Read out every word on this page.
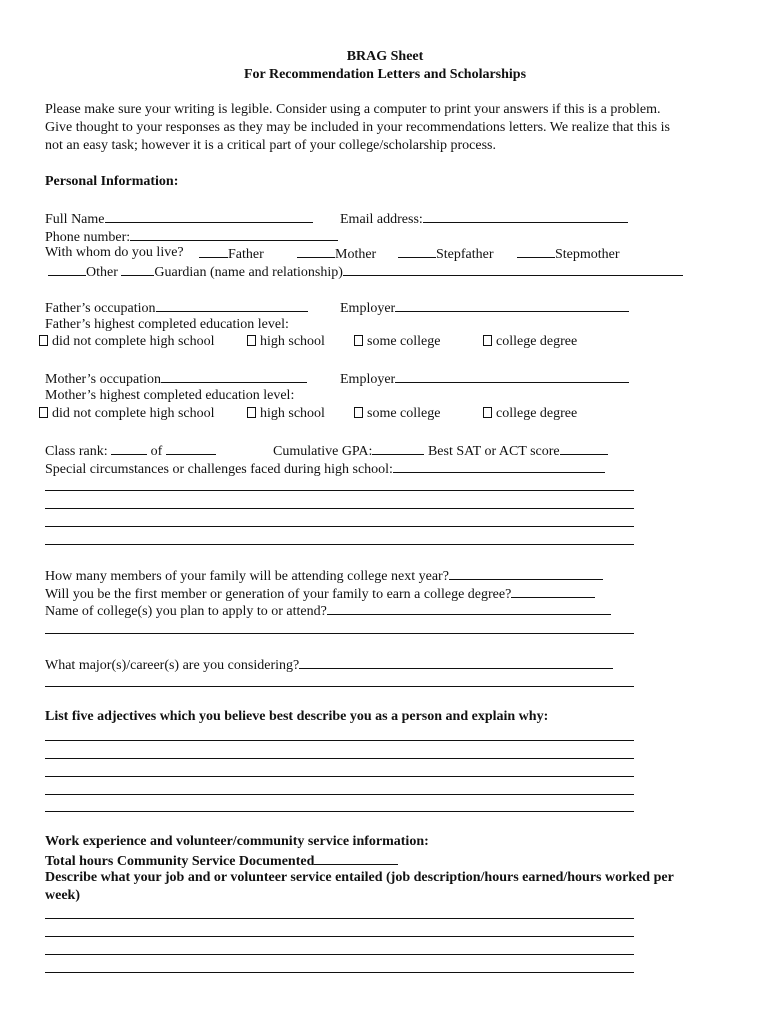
BRAG Sheet
For Recommendation Letters and Scholarships
Please make sure your writing is legible. Consider using a computer to print your answers if this is a problem.
Give thought to your responses as they may be included in your recommendations letters. We realize that this is
not an easy task; however it is a critical part of your college/scholarship process.
Personal Information:
Full Name	Email address:
Phone number:
With whom do you live?	Father	Mother	Stepfather	Stepmother
Other	Guardian (name and relationship)
Father’s occupation	Employer
Father’s highest completed education level:
did not complete high school	high school	some college	college degree
Mother’s occupation	Employer
Mother’s highest completed education level:
did not complete high school	high school	some college	college degree
Class rank:	of	Cumulative GPA:	Best SAT or ACT score
Special circumstances or challenges faced during high school:
How many members of your family will be attending college next year?
Will you be the first member or generation of your family to earn a college degree?
Name of college(s) you plan to apply to or attend?
What major(s)/career(s) are you considering?
List five adjectives which you believe best describe you as a person and explain why:
Work experience and volunteer/community service information:
Total hours Community Service Documented
Describe what your job and or volunteer service entailed (job description/hours earned/hours worked per
week)
